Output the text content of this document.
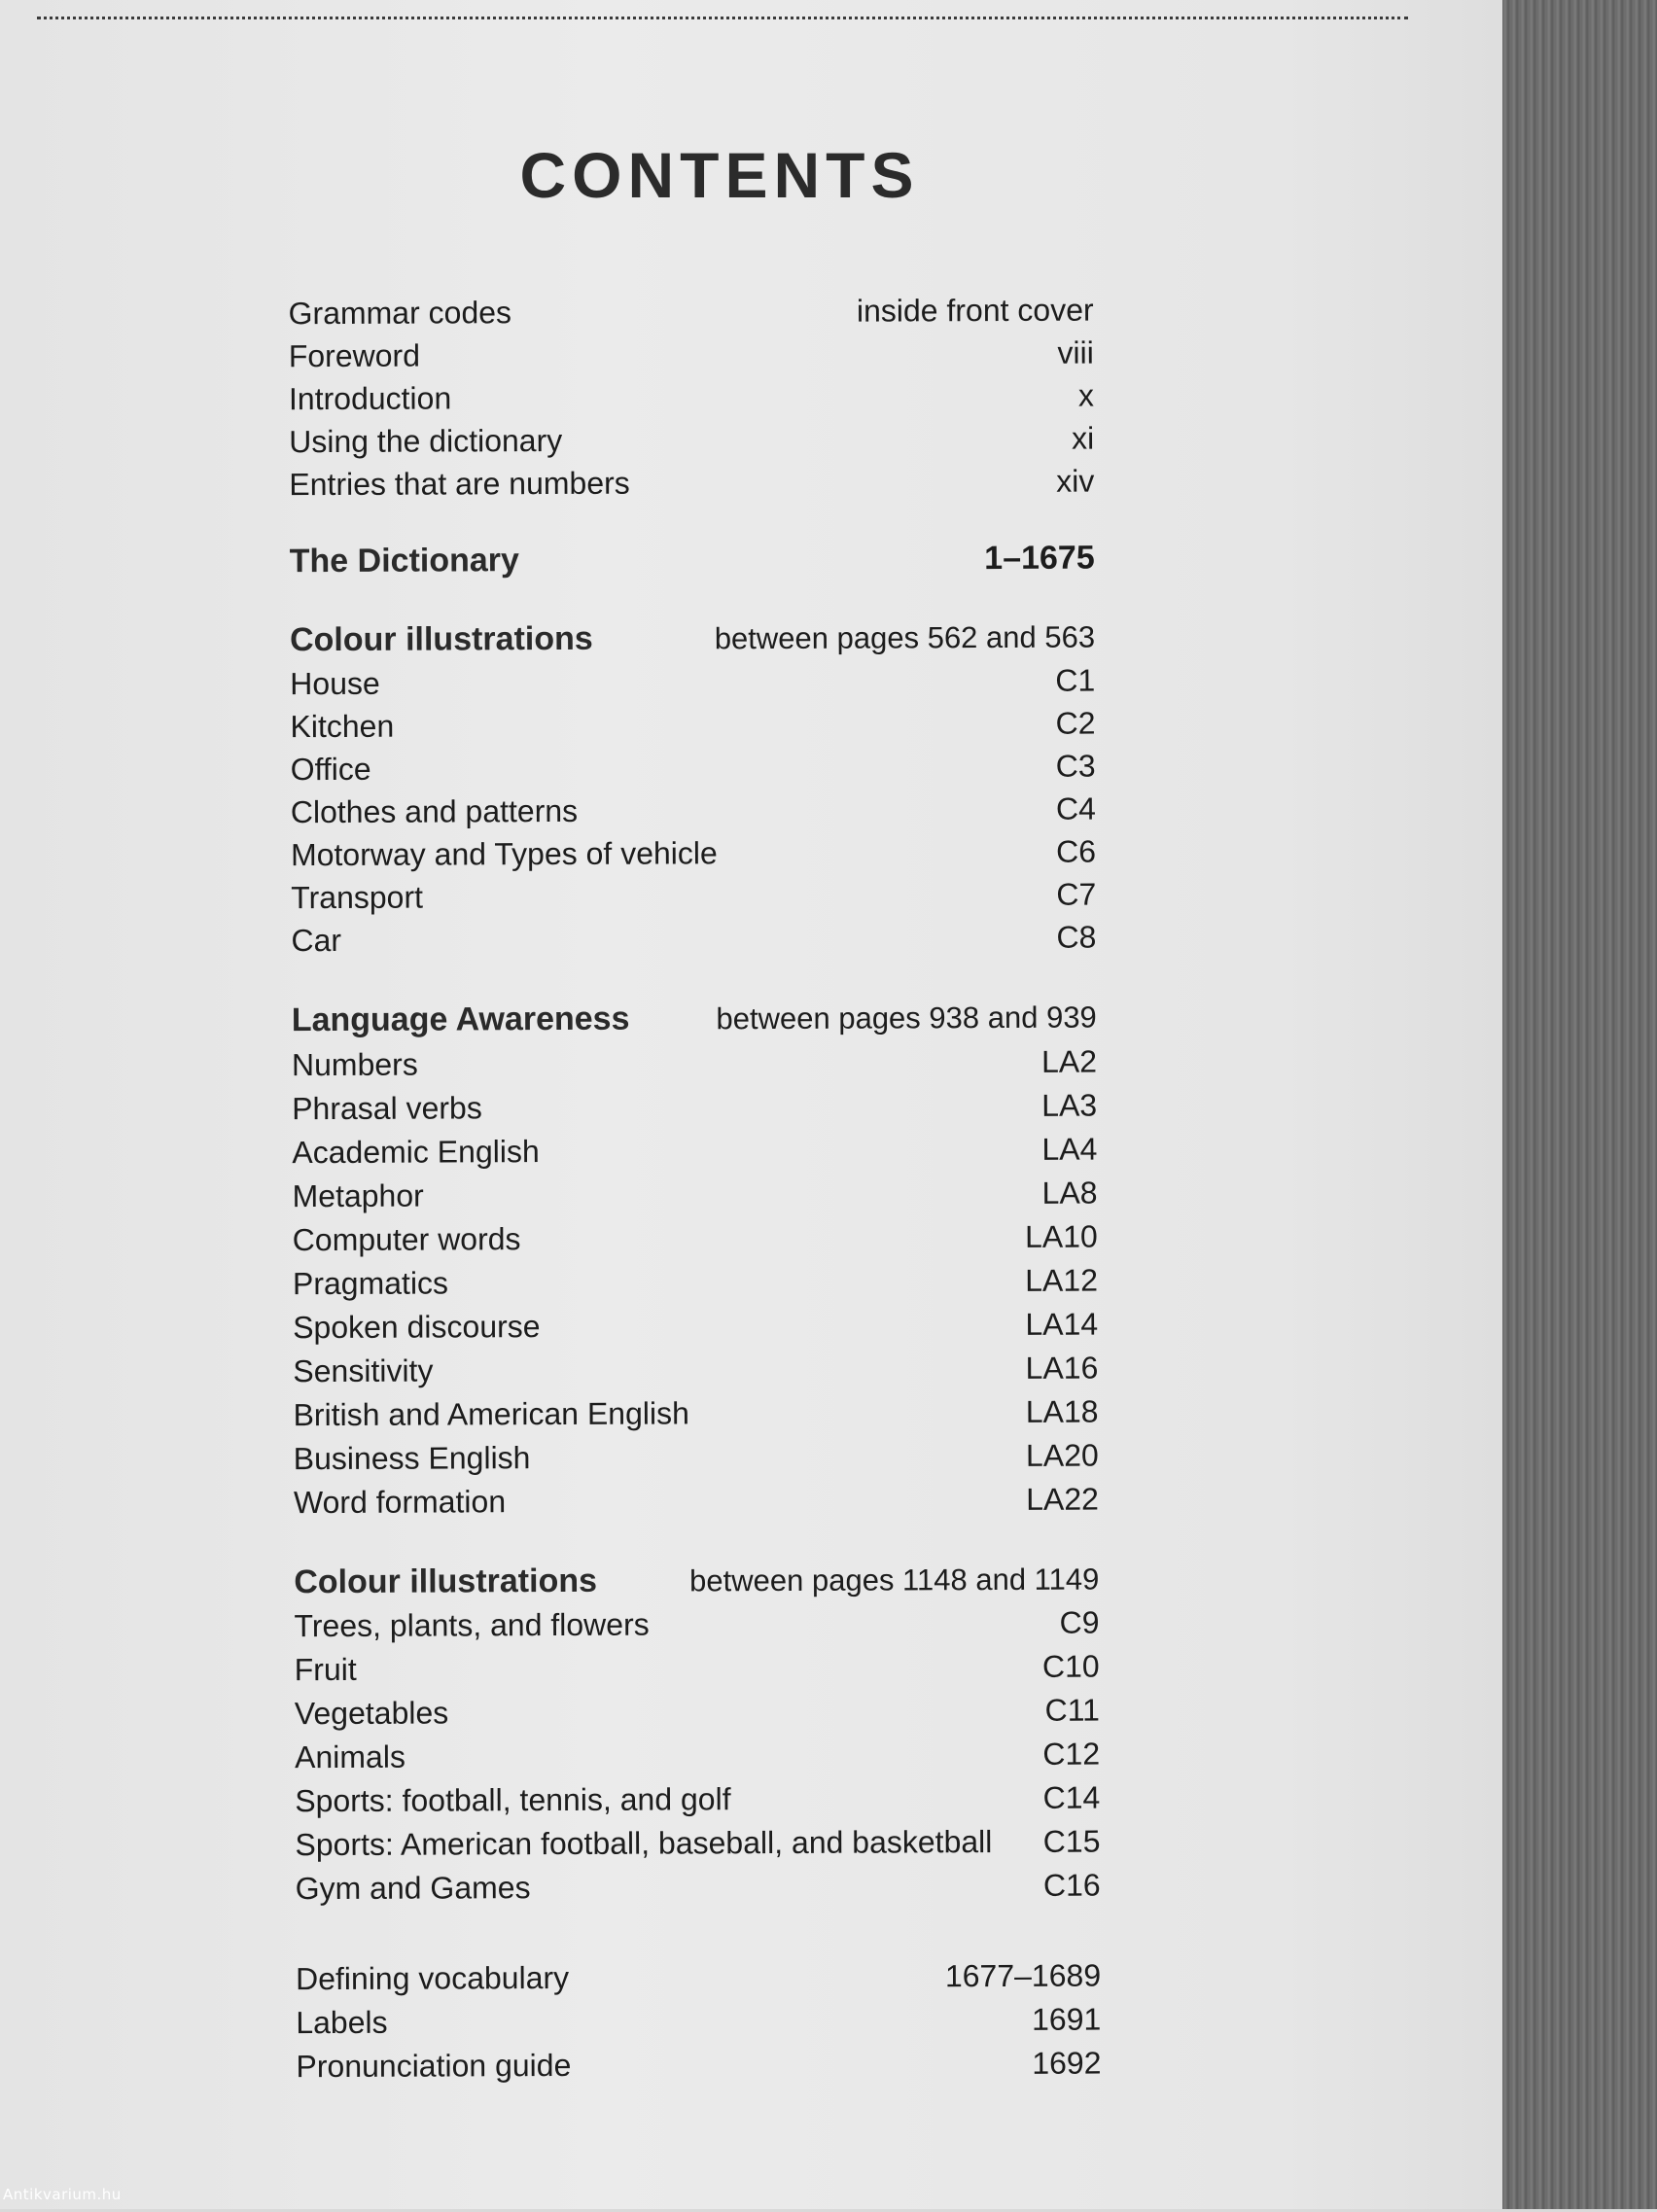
CONTENTS
Grammar codes	inside front cover
Foreword	viii
Introduction	x
Using the dictionary	xi
Entries that are numbers	xiv
The Dictionary	1–1675
Colour illustrations	between pages 562 and 563
House	C1
Kitchen	C2
Office	C3
Clothes and patterns	C4
Motorway and Types of vehicle	C6
Transport	C7
Car	C8
Language Awareness	between pages 938 and 939
Numbers	LA2
Phrasal verbs	LA3
Academic English	LA4
Metaphor	LA8
Computer words	LA10
Pragmatics	LA12
Spoken discourse	LA14
Sensitivity	LA16
British and American English	LA18
Business English	LA20
Word formation	LA22
Colour illustrations	between pages 1148 and 1149
Trees, plants, and flowers	C9
Fruit	C10
Vegetables	C11
Animals	C12
Sports: football, tennis, and golf	C14
Sports: American football, baseball, and basketball C15
Gym and Games	C16
Defining vocabulary	1677–1689
Labels	1691
Pronunciation guide	1692
Antikvarium.hu
